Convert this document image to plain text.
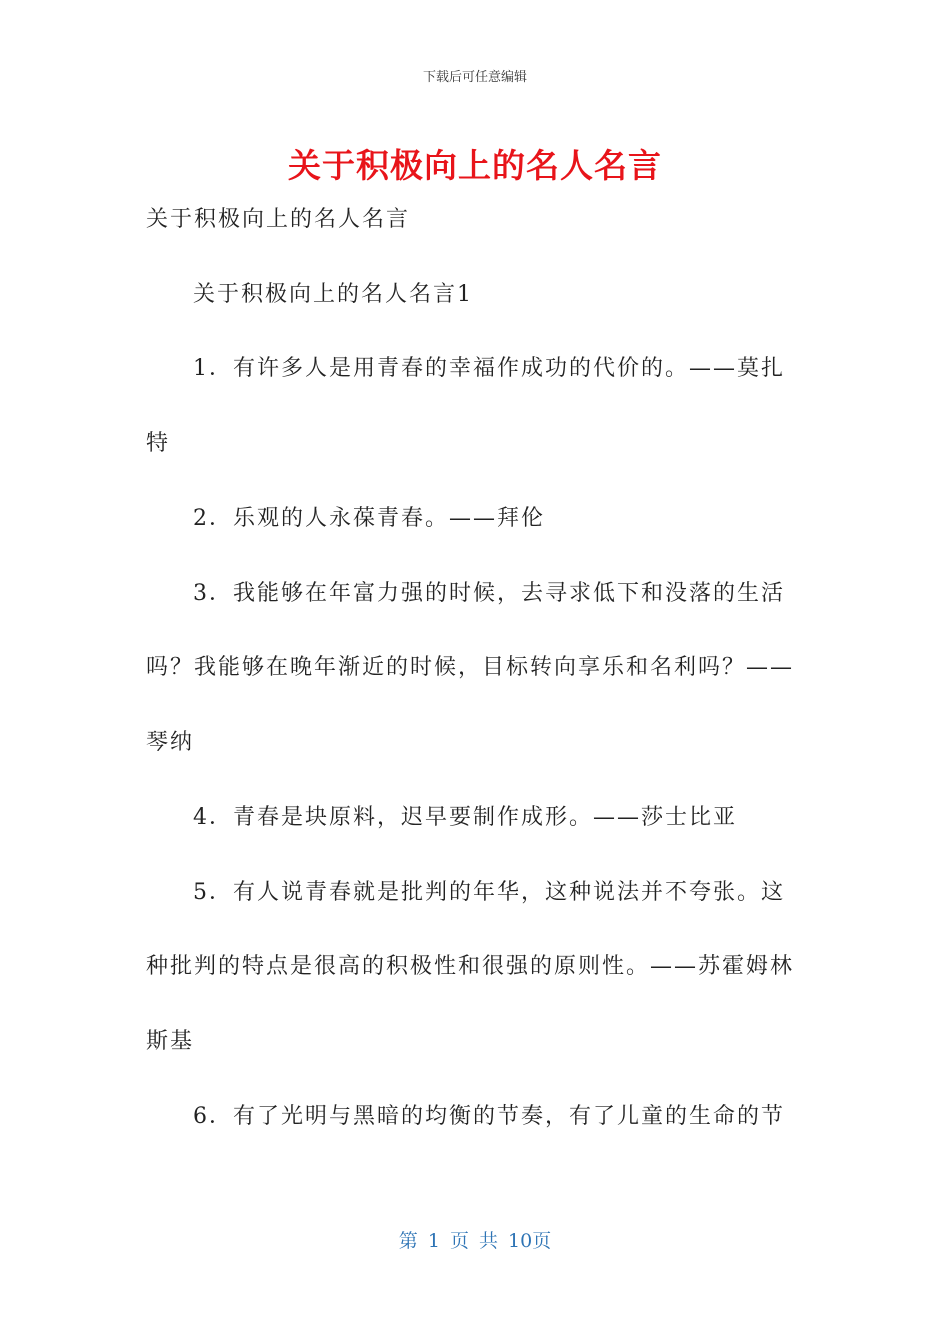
下载后可任意编辑
关于积极向上的名人名言
关于积极向上的名人名言
关于积极向上的名人名言1
1．有许多人是用青春的幸福作成功的代价的。——莫扎
特
2．乐观的人永葆青春。——拜伦
3．我能够在年富力强的时候，去寻求低下和没落的生活
吗？我能够在晚年渐近的时候，目标转向享乐和名利吗？——
琴纳
4．青春是块原料，迟早要制作成形。——莎士比亚
5．有人说青春就是批判的年华，这种说法并不夸张。这
种批判的特点是很高的积极性和很强的原则性。——苏霍姆林
斯基
6．有了光明与黑暗的均衡的节奏，有了儿童的生命的节
第 1 页 共 10页
